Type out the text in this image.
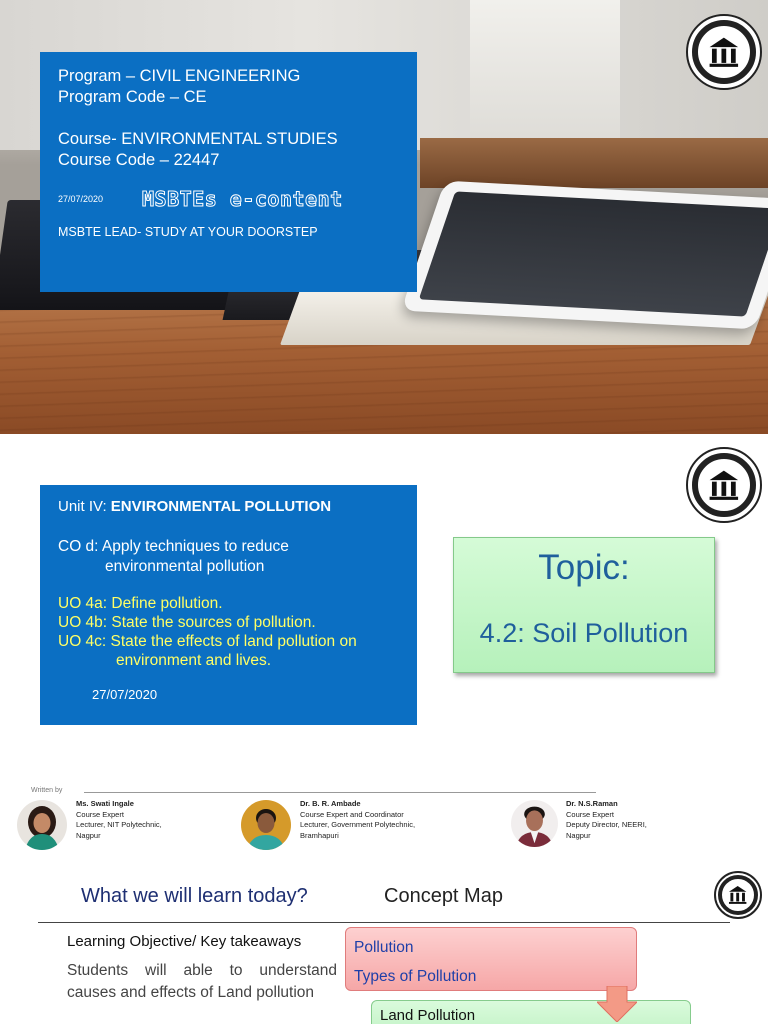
Program – CIVIL ENGINEERING
Program Code – CE
Course- ENVIRONMENTAL STUDIES
Course Code – 22447
27/07/2020	MSBTEs e-content
MSBTE LEAD- STUDY AT YOUR DOORSTEP
Unit IV: ENVIRONMENTAL POLLUTION
CO d: Apply techniques to reduce
environmental pollution
UO 4a: Define pollution.
UO 4b: State the sources of pollution.
UO 4c: State the effects of land pollution on
environment and lives.
27/07/2020
Topic:
4.2: Soil Pollution
Written by
Ms. Swati Ingale
Course Expert
Lecturer, NIT Polytechnic,
Nagpur
Dr. B. R. Ambade
Course Expert and Coordinator
Lecturer, Government Polytechnic,
Bramhapuri
Dr. N.S.Raman
Course Expert
Deputy Director, NEERI,
Nagpur
What we will learn today?	Concept Map
Learning Objective/ Key takeaways
Students will able to understand causes and effects of Land pollution
Pollution
Types of Pollution
Land Pollution
